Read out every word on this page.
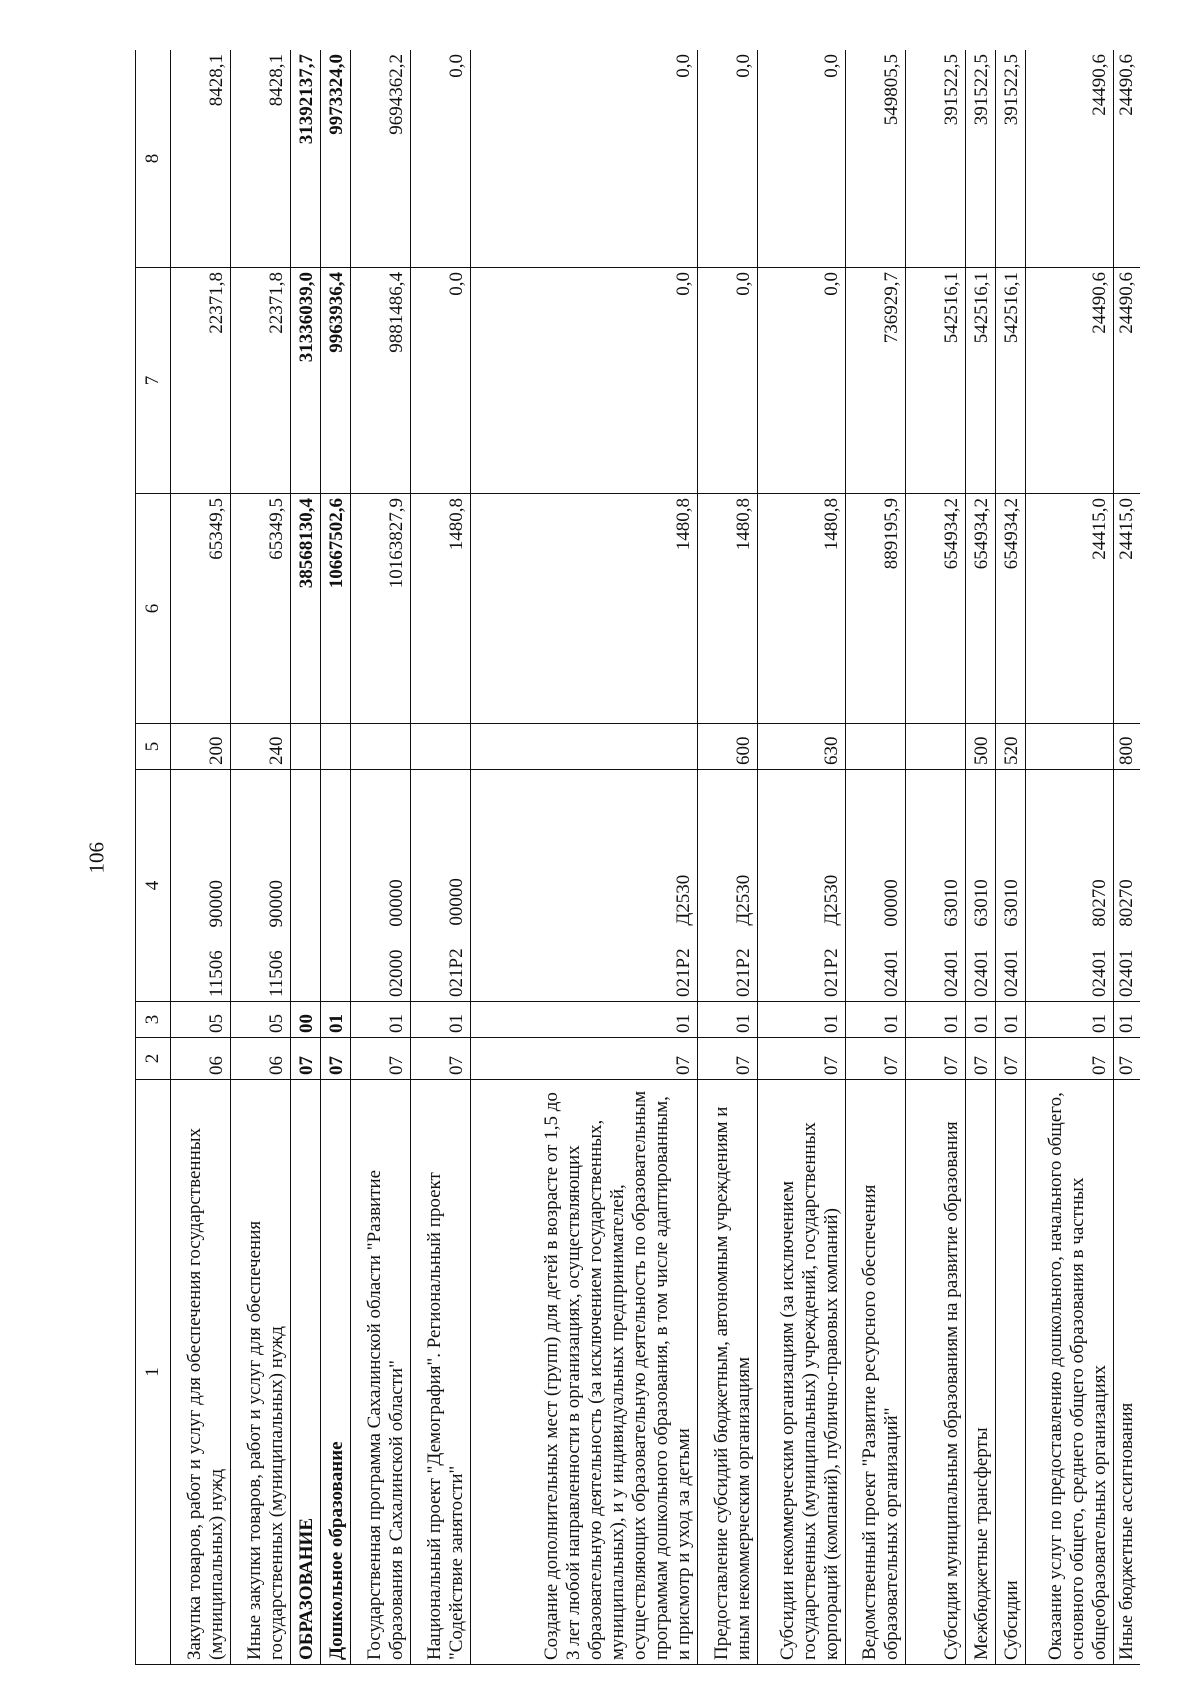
106
1	2	3	4	5	6	7	8
Закупка товаров, работ и услуг для обеспечения государственных (муниципальных) нужд	06	05	11506 90000	200	65349,5	22371,8	8428,1
Иные закупки товаров, работ и услуг для обеспечения государственных (муниципальных) нужд	06	05	11506 90000	240	65349,5	22371,8	8428,1
ОБРАЗОВАНИЕ	07	00			38568130,4	31336039,0	31392137,7
Дошкольное образование	07	01			10667502,6	9963936,4	9973324,0
Государственная программа Сахалинской области "Развитие образования в Сахалинской области"	07	01	02000 00000		10163827,9	9881486,4	9694362,2
Национальный проект "Демография". Региональный проект "Содействие занятости"	07	01	021P2 00000		1480,8	0,0	0,0
Создание дополнительных мест (групп) для детей в возрасте от 1,5 до 3 лет любой направленности в организациях, осуществляющих образовательную деятельность (за исключением государственных, муниципальных), и у индивидуальных предпринимателей, осуществляющих образовательную деятельность по образовательным программам дошкольного образования, в том числе адаптированным, и присмотр и уход за детьми	07	01	021P2 Д2530		1480,8	0,0	0,0
Предоставление субсидий бюджетным, автономным учреждениям и иным некоммерческим организациям	07	01	021P2 Д2530	600	1480,8	0,0	0,0
Субсидии некоммерческим организациям (за исключением государственных (муниципальных) учреждений, государственных корпораций (компаний), публично-правовых компаний)	07	01	021P2 Д2530	630	1480,8	0,0	0,0
Ведомственный проект "Развитие ресурсного обеспечения образовательных организаций"	07	01	02401 00000		889195,9	736929,7	549805,5
Субсидия муниципальным образованиям на развитие образования	07	01	02401 63010		654934,2	542516,1	391522,5
Межбюджетные трансферты	07	01	02401 63010	500	654934,2	542516,1	391522,5
Субсидии	07	01	02401 63010	520	654934,2	542516,1	391522,5
Оказание услуг по предоставлению дошкольного, начального общего, основного общего, среднего общего образования в частных общеобразовательных организациях	07	01	02401 80270		24415,0	24490,6	24490,6
Иные бюджетные ассигнования	07	01	02401 80270	800	24415,0	24490,6	24490,6
